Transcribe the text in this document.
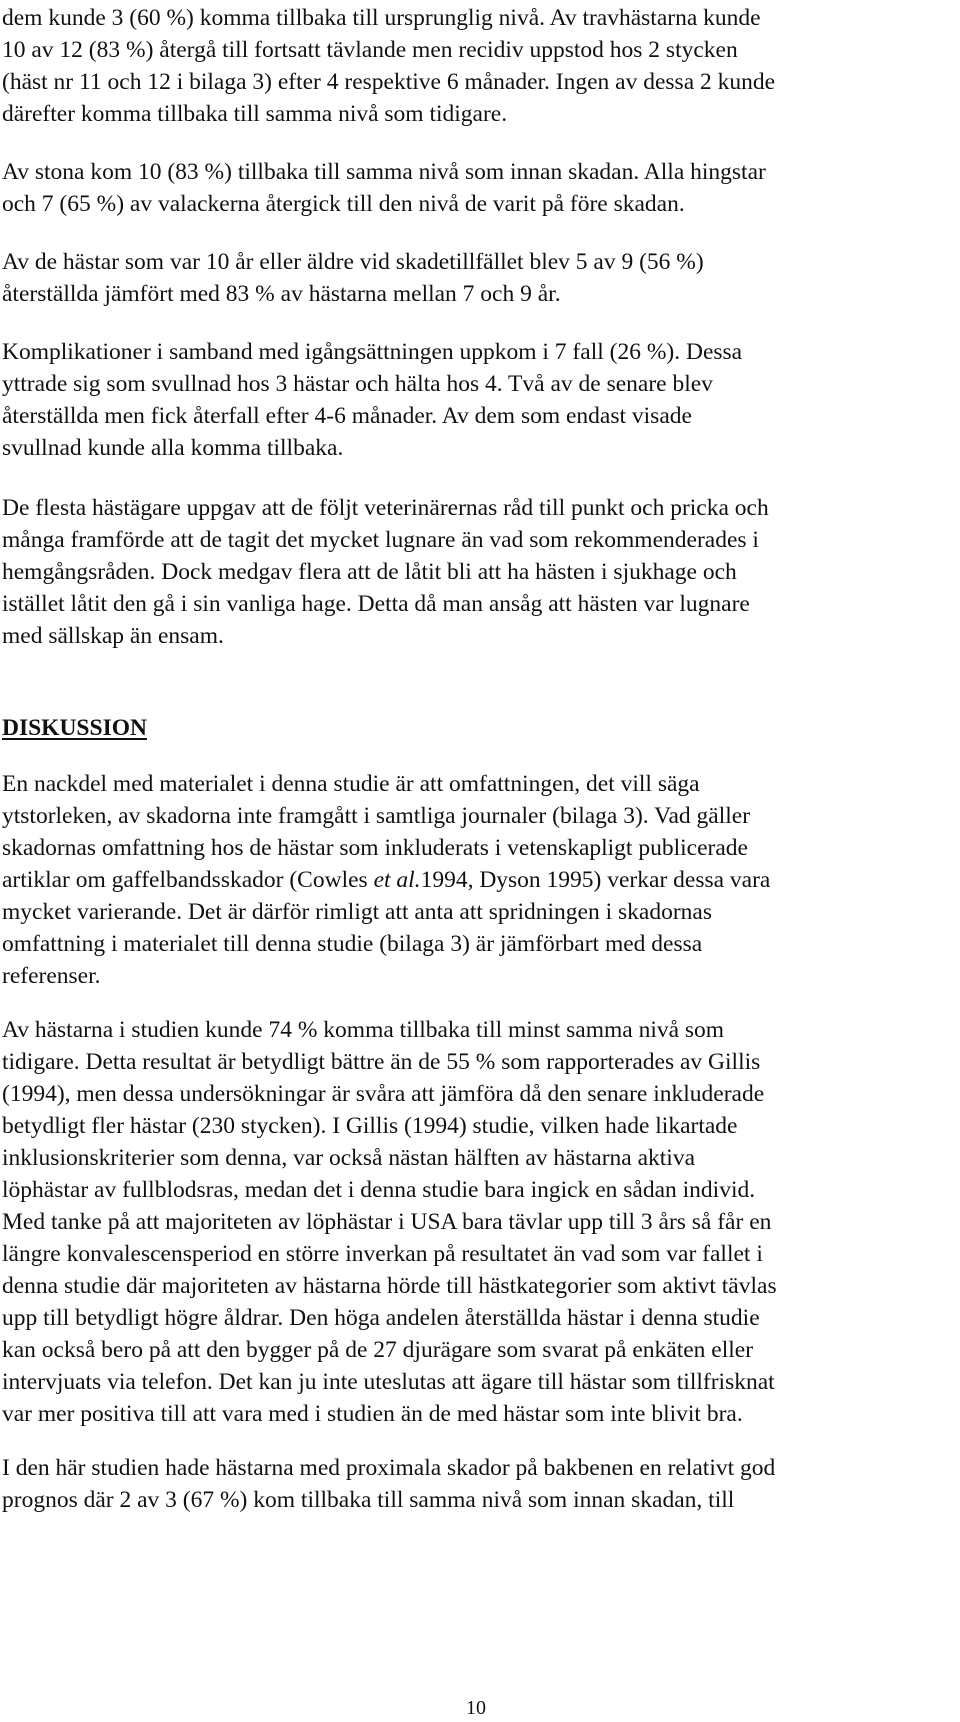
dem kunde 3 (60 %) komma tillbaka till ursprunglig nivå. Av travhästarna kunde

10 av 12 (83 %) återgå till fortsatt tävlande men recidiv uppstod hos 2 stycken

(häst nr 11 och 12 i bilaga 3) efter 4 respektive 6 månader. Ingen av dessa 2 kunde

därefter komma tillbaka till samma nivå som tidigare.

Av stona kom 10 (83 %) tillbaka till samma nivå som innan skadan. Alla hingstar

och 7 (65 %) av valackerna återgick till den nivå de varit på före skadan.

Av de hästar som var 10 år eller äldre vid skadetillfället blev 5 av 9 (56 %)

återställda jämfört med 83 % av hästarna mellan 7 och 9 år.

Komplikationer i samband med igångsättningen uppkom i 7 fall (26 %). Dessa

yttrade sig som svullnad hos 3 hästar och hälta hos 4. Två av de senare blev

återställda men fick återfall efter 4-6 månader. Av dem som endast visade

svullnad kunde alla komma tillbaka.

De flesta hästägare uppgav att de följt veterinärernas råd till punkt och pricka och

många framförde att de tagit det mycket lugnare än vad som rekommenderades i

hemgångsråden. Dock medgav flera att de låtit bli att ha hästen i sjukhage och

istället låtit den gå i sin vanliga hage. Detta då man ansåg att hästen var lugnare

med sällskap än ensam.

DISKUSSION

En nackdel med materialet i denna studie är att omfattningen, det vill säga

ytstorleken, av skadorna inte framgått i samtliga journaler (bilaga 3). Vad gäller

skadornas omfattning hos de hästar som inkluderats i vetenskapligt publicerade

artiklar om gaffelbandsskador (Cowles et al.1994, Dyson 1995) verkar dessa vara

mycket varierande. Det är därför rimligt att anta att spridningen i skadornas

omfattning i materialet till denna studie (bilaga 3) är jämförbart med dessa

referenser.

Av hästarna i studien kunde 74 % komma tillbaka till minst samma nivå som

tidigare. Detta resultat är betydligt bättre än de 55 % som rapporterades av Gillis

(1994), men dessa undersökningar är svåra att jämföra då den senare inkluderade

betydligt fler hästar (230 stycken). I Gillis (1994) studie, vilken hade likartade

inklusionskriterier som denna, var också nästan hälften av hästarna aktiva

löphästar av fullblodsras, medan det i denna studie bara ingick en sådan individ.

Med tanke på att majoriteten av löphästar i USA bara tävlar upp till 3 års så får en

längre konvalescensperiod en större inverkan på resultatet än vad som var fallet i

denna studie där majoriteten av hästarna hörde till hästkategorier som aktivt tävlas

upp till betydligt högre åldrar. Den höga andelen återställda hästar i denna studie

kan också bero på att den bygger på de 27 djurägare som svarat på enkäten eller

intervjuats via telefon. Det kan ju inte uteslutas att ägare till hästar som tillfrisknat

var mer positiva till att vara med i studien än de med hästar som inte blivit bra.

I den här studien hade hästarna med proximala skador på bakbenen en relativt god

prognos där 2 av 3 (67 %) kom tillbaka till samma nivå som innan skadan, till

10
